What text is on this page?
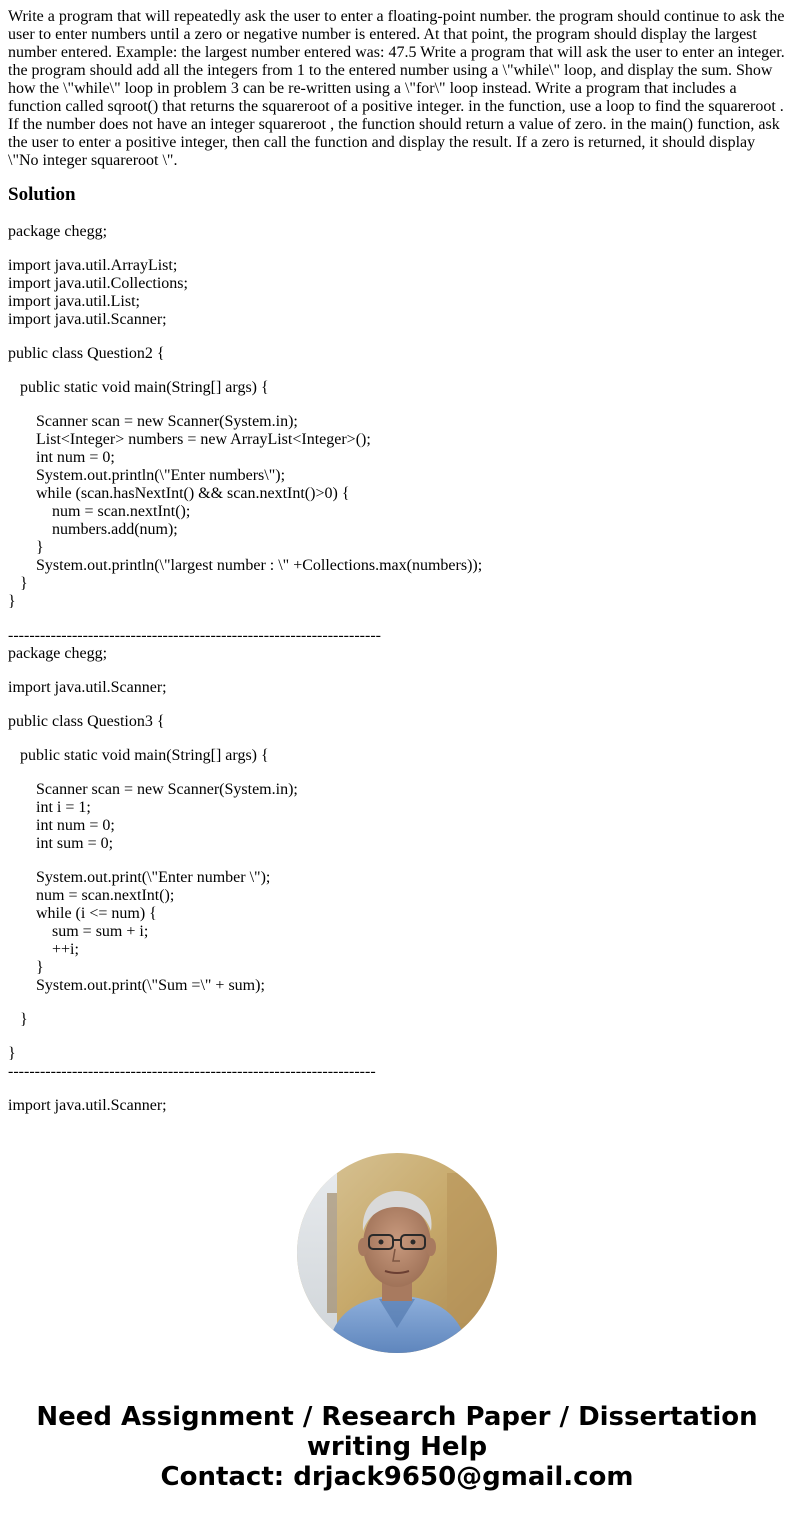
Write a program that will repeatedly ask the user to enter a floating-point number. the program should continue to ask the user to enter numbers until a zero or negative number is entered. At that point, the program should display the largest number entered. Example: the largest number entered was: 47.5 Write a program that will ask the user to enter an integer. the program should add all the integers from 1 to the entered number using a \"while\" loop, and display the sum. Show how the \"while\" loop in problem 3 can be re-written using a \"for\" loop instead. Write a program that includes a function called sqroot() that returns the squareroot of a positive integer. in the function, use a loop to find the squareroot . If the number does not have an integer squareroot , the function should return a value of zero. in the main() function, ask the user to enter a positive integer, then call the function and display the result. If a zero is returned, it should display \"No integer squareroot \".

Solution
package chegg;
import java.util.ArrayList;
import java.util.Collections;
import java.util.List;
import java.util.Scanner;
public class Question2 {
public static void main(String[] args) {
Scanner scan = new Scanner(System.in);
List<Integer> numbers = new ArrayList<Integer>();
int num = 0;
System.out.println(\"Enter numbers\");
while (scan.hasNextInt() && scan.nextInt()>0) {
num = scan.nextInt();
numbers.add(num);
}
System.out.println(\"largest number : \" +Collections.max(numbers));
}
}
----------------------------------------------------------------------
package chegg;
import java.util.Scanner;
public class Question3 {
public static void main(String[] args) {
Scanner scan = new Scanner(System.in);
int i = 1;
int num = 0;
int sum = 0;
System.out.print(\"Enter number \");
num = scan.nextInt();
while (i <= num) {
sum = sum + i;
++i;
}
System.out.print(\"Sum =\" + sum);
}
}
---------------------------------------------------------------------
import java.util.Scanner;
Need Assignment / Research Paper / Dissertation
writing Help
Contact: drjack9650@gmail.com
